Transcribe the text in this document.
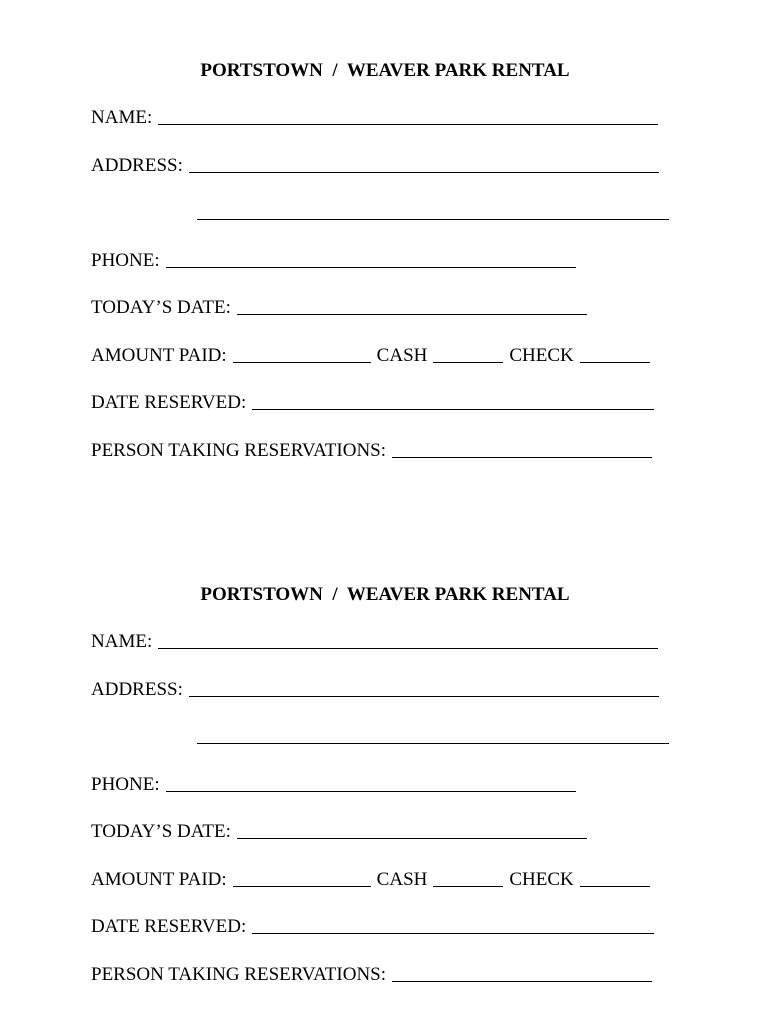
PORTSTOWN  /  WEAVER PARK RENTAL
NAME:
ADDRESS:
PHONE:
TODAY’S DATE:
AMOUNT PAID:	CASH	CHECK
DATE RESERVED:
PERSON TAKING RESERVATIONS:
PORTSTOWN  /  WEAVER PARK RENTAL
NAME:
ADDRESS:
PHONE:
TODAY’S DATE:
AMOUNT PAID:	CASH	CHECK
DATE RESERVED:
PERSON TAKING RESERVATIONS:
